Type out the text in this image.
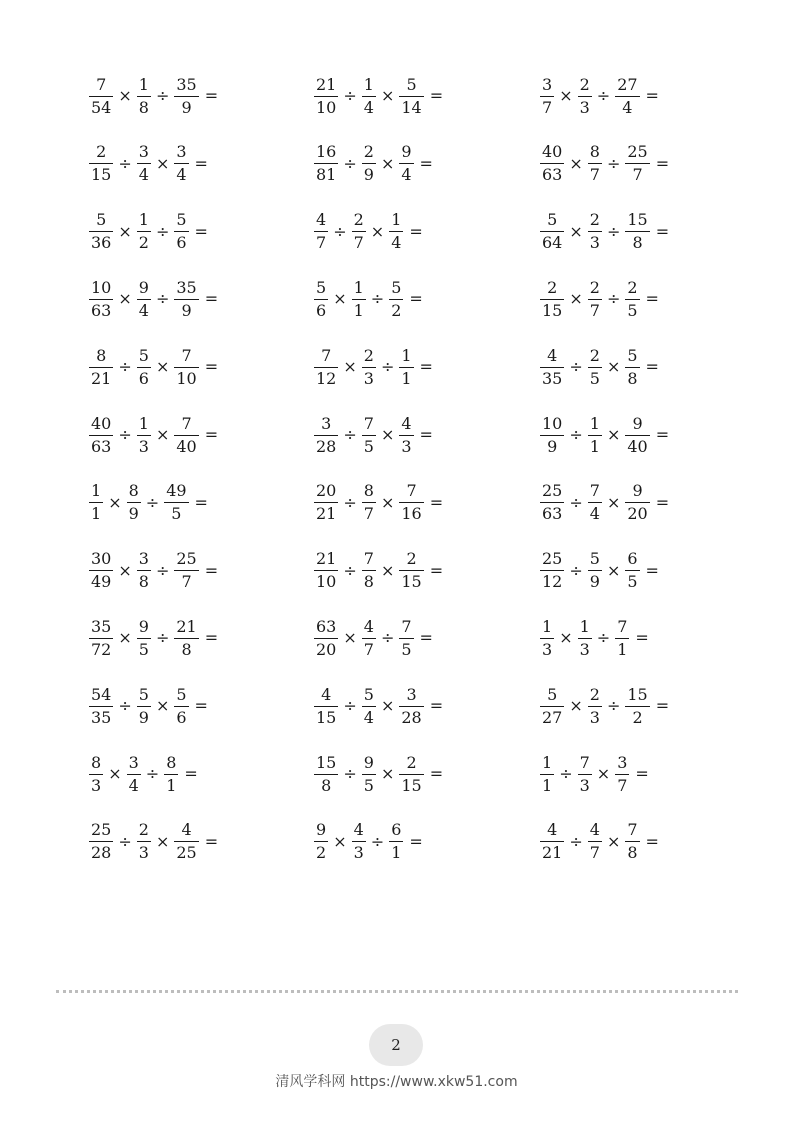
$\frac{7}{54} \times \frac{1}{8} \div \frac{35}{9}$ =	$\frac{21}{10} \div \frac{1}{4} \times \frac{5}{14}$ =	$\frac{3}{7} \times \frac{2}{3} \div \frac{27}{4}$ =
$\frac{2}{15} \div \frac{3}{4} \times \frac{3}{4}$ =	$\frac{16}{81} \div \frac{2}{9} \times \frac{9}{4}$ =	$\frac{40}{63} \times \frac{8}{7} \div \frac{25}{7}$ =
$\frac{5}{36} \times \frac{1}{2} \div \frac{5}{6}$ =	$\frac{4}{7} \div \frac{2}{7} \times \frac{1}{4}$ =	$\frac{5}{64} \times \frac{2}{3} \div \frac{15}{8}$ =
$\frac{10}{63} \times \frac{9}{4} \div \frac{35}{9}$ =	$\frac{5}{6} \times \frac{1}{1} \div \frac{5}{2}$ =	$\frac{2}{15} \times \frac{2}{7} \div \frac{2}{5}$ =
$\frac{8}{21} \div \frac{5}{6} \times \frac{7}{10}$ =	$\frac{7}{12} \times \frac{2}{3} \div \frac{1}{1}$ =	$\frac{4}{35} \div \frac{2}{5} \times \frac{5}{8}$ =
$\frac{40}{63} \div \frac{1}{3} \times \frac{7}{40}$ =	$\frac{3}{28} \div \frac{7}{5} \times \frac{4}{3}$ =	$\frac{10}{9} \div \frac{1}{1} \times \frac{9}{40}$ =
$\frac{1}{1} \times \frac{8}{9} \div \frac{49}{5}$ =	$\frac{20}{21} \div \frac{8}{7} \times \frac{7}{16}$ =	$\frac{25}{63} \div \frac{7}{4} \times \frac{9}{20}$ =
$\frac{30}{49} \times \frac{3}{8} \div \frac{25}{7}$ =	$\frac{21}{10} \div \frac{7}{8} \times \frac{2}{15}$ =	$\frac{25}{12} \div \frac{5}{9} \times \frac{6}{5}$ =
$\frac{35}{72} \times \frac{9}{5} \div \frac{21}{8}$ =	$\frac{63}{20} \times \frac{4}{7} \div \frac{7}{5}$ =	$\frac{1}{3} \times \frac{1}{3} \div \frac{7}{1}$ =
$\frac{54}{35} \div \frac{5}{9} \times \frac{5}{6}$ =	$\frac{4}{15} \div \frac{5}{4} \times \frac{3}{28}$ =	$\frac{5}{27} \times \frac{2}{3} \div \frac{15}{2}$ =
$\frac{8}{3} \times \frac{3}{4} \div \frac{8}{1}$ =	$\frac{15}{8} \div \frac{9}{5} \times \frac{2}{15}$ =	$\frac{1}{1} \div \frac{7}{3} \times \frac{3}{7}$ =
$\frac{25}{28} \div \frac{2}{3} \times \frac{4}{25}$ =	$\frac{9}{2} \times \frac{4}{3} \div \frac{6}{1}$ =	$\frac{4}{21} \div \frac{4}{7} \times \frac{7}{8}$ =
2
清风学科网 https://www.xkw51.com
